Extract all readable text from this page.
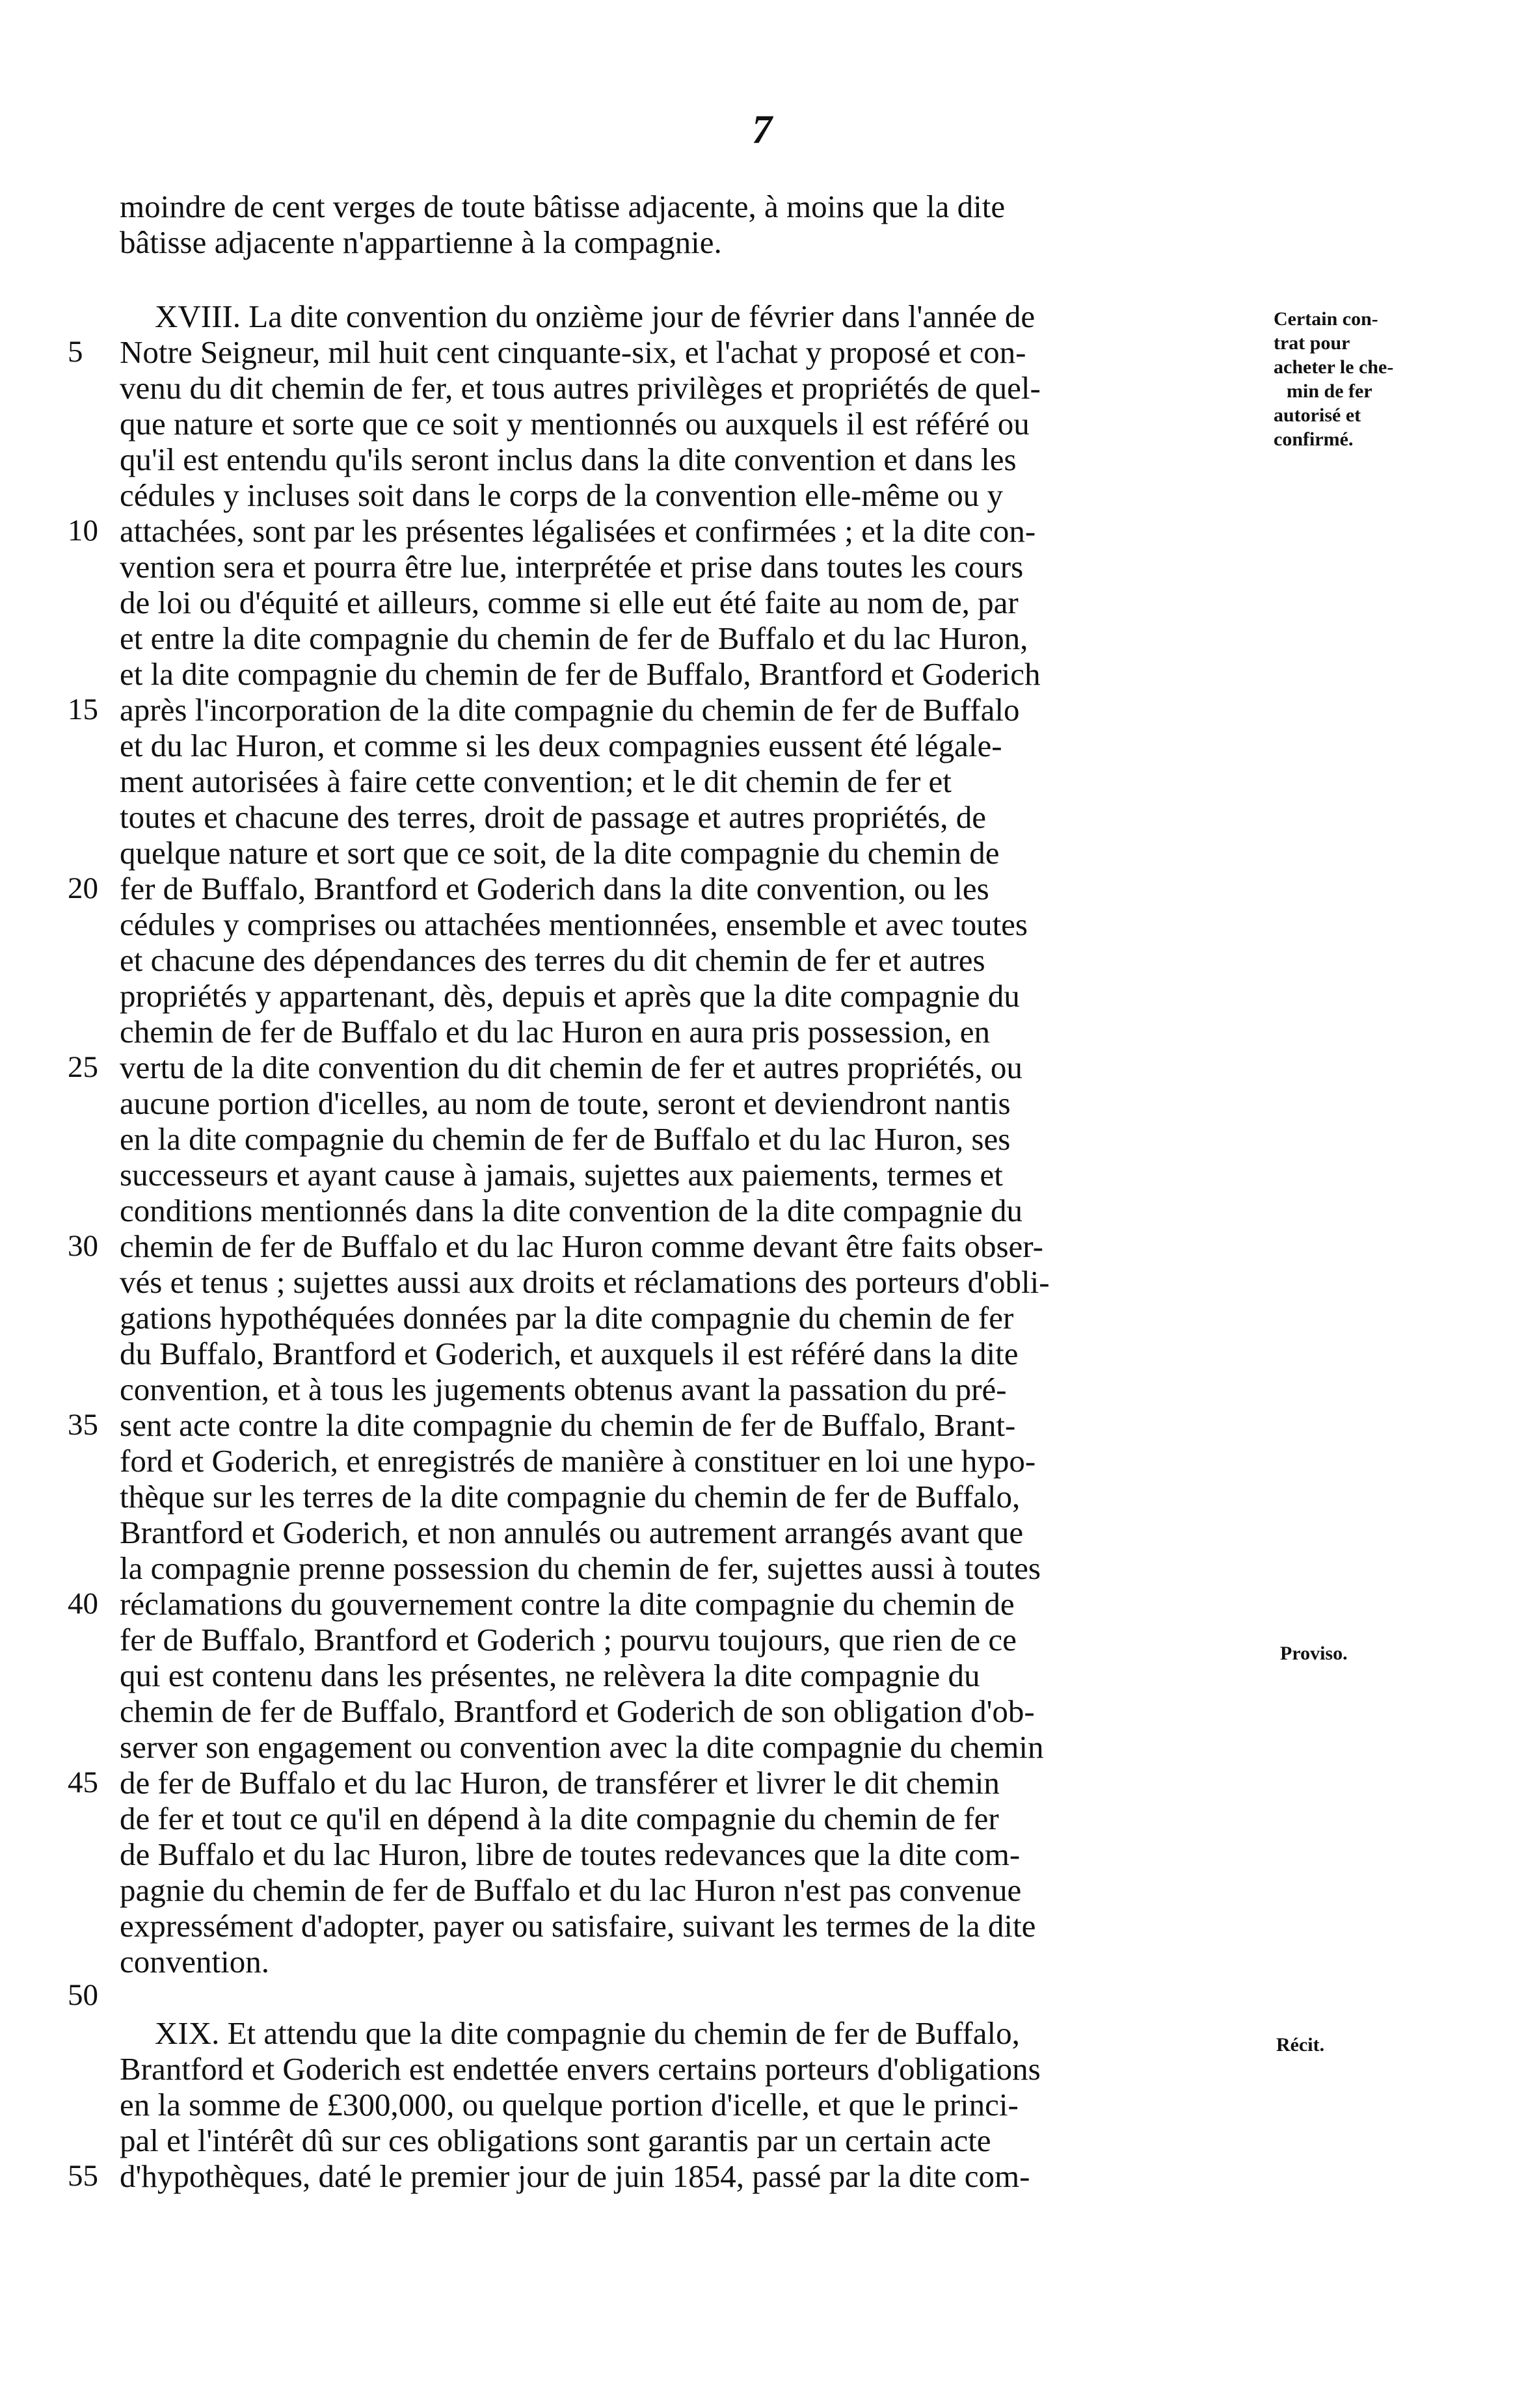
7
moindre de cent verges de toute bâtisse adjacente, à moins que la dite
bâtisse adjacente n'appartienne à la compagnie.
XVIII. La dite convention du onzième jour de février dans l'année de
Notre Seigneur, mil huit cent cinquante-six, et l'achat y proposé et con-
venu du dit chemin de fer, et tous autres privilèges et propriétés de quel-
que nature et sorte que ce soit y mentionnés ou auxquels il est référé ou
qu'il est entendu qu'ils seront inclus dans la dite convention et dans les
cédules y incluses soit dans le corps de la convention elle-même ou y
attachées, sont par les présentes légalisées et confirmées ; et la dite con-
vention sera et pourra être lue, interprétée et prise dans toutes les cours
de loi ou d'équité et ailleurs, comme si elle eut été faite au nom de, par
et entre la dite compagnie du chemin de fer de Buffalo et du lac Huron,
et la dite compagnie du chemin de fer de Buffalo, Brantford et Goderich
après l'incorporation de la dite compagnie du chemin de fer de Buffalo
et du lac Huron, et comme si les deux compagnies eussent été légale-
ment autorisées à faire cette convention; et le dit chemin de fer et
toutes et chacune des terres, droit de passage et autres propriétés, de
quelque nature et sort que ce soit, de la dite compagnie du chemin de
fer de Buffalo, Brantford et Goderich dans la dite convention, ou les
cédules y comprises ou attachées mentionnées, ensemble et avec toutes
et chacune des dépendances des terres du dit chemin de fer et autres
propriétés y appartenant, dès, depuis et après que la dite compagnie du
chemin de fer de Buffalo et du lac Huron en aura pris possession, en
vertu de la dite convention du dit chemin de fer et autres propriétés, ou
aucune portion d'icelles, au nom de toute, seront et deviendront nantis
en la dite compagnie du chemin de fer de Buffalo et du lac Huron, ses
successeurs et ayant cause à jamais, sujettes aux paiements, termes et
conditions mentionnés dans la dite convention de la dite compagnie du
chemin de fer de Buffalo et du lac Huron comme devant être faits obser-
vés et tenus ; sujettes aussi aux droits et réclamations des porteurs d'obli-
gations hypothéquées données par la dite compagnie du chemin de fer
du Buffalo, Brantford et Goderich, et auxquels il est référé dans la dite
convention, et à tous les jugements obtenus avant la passation du pré-
sent acte contre la dite compagnie du chemin de fer de Buffalo, Brant-
ford et Goderich, et enregistrés de manière à constituer en loi une hypo-
thèque sur les terres de la dite compagnie du chemin de fer de Buffalo,
Brantford et Goderich, et non annulés ou autrement arrangés avant que
la compagnie prenne possession du chemin de fer, sujettes aussi à toutes
réclamations du gouvernement contre la dite compagnie du chemin de
fer de Buffalo, Brantford et Goderich ; pourvu toujours, que rien de ce
qui est contenu dans les présentes, ne relèvera la dite compagnie du
chemin de fer de Buffalo, Brantford et Goderich de son obligation d'ob-
server son engagement ou convention avec la dite compagnie du chemin
de fer de Buffalo et du lac Huron, de transférer et livrer le dit chemin
de fer et tout ce qu'il en dépend à la dite compagnie du chemin de fer
de Buffalo et du lac Huron, libre de toutes redevances que la dite com-
pagnie du chemin de fer de Buffalo et du lac Huron n'est pas convenue
expressément d'adopter, payer ou satisfaire, suivant les termes de la dite
convention.
XIX. Et attendu que la dite compagnie du chemin de fer de Buffalo,
Brantford et Goderich est endettée envers certains porteurs d'obligations
en la somme de £300,000, ou quelque portion d'icelle, et que le princi-
pal et l'intérêt dû sur ces obligations sont garantis par un certain acte
d'hypothèques, daté le premier jour de juin 1854, passé par la dite com-
5
10
15
20
25
30
35
40
45
50
55
Certain con-
trat pour
acheter le che-
min de fer
autorisé et
confirmé.
Proviso.
Récit.
